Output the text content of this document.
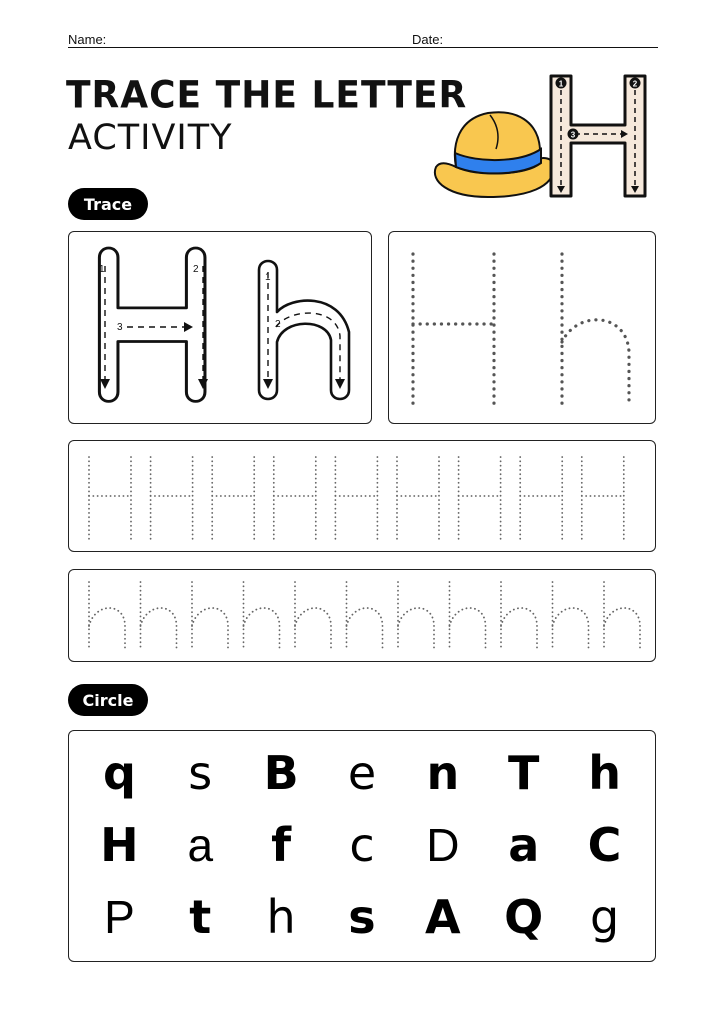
Name:	Date:
TRACE THE LETTER
ACTIVITY
1	2
3
Trace
1	2
3
1
2
Circle
q s B e n T h
H a f c D a C
P t h s A Q g
